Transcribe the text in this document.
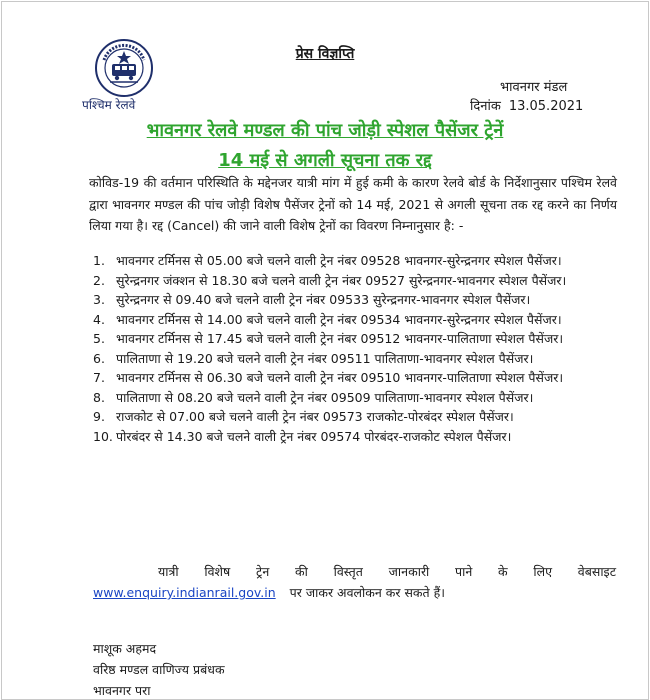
पश्चिम रेलवे
प्रेस विज्ञप्ति
भावनगर मंडल
दिनांक 13.05.2021
भावनगर रेलवे मण्डल की पांच जोड़ी स्पेशल पैसेंजर ट्रेनें
14 मई से अगली सूचना तक रद्द
कोविड-19 की वर्तमान परिस्थिति के मद्देनजर यात्री मांग में हुई कमी के कारण रेलवे बोर्ड के निर्देशानुसार पश्चिम रेलवे द्वारा भावनगर मण्डल की पांच जोड़ी विशेष पैसेंजर ट्रेनों को 14 मई, 2021 से अगली सूचना तक रद्द करने का निर्णय लिया गया है। रद्द (Cancel) की जाने वाली विशेष ट्रेनों का विवरण निम्नानुसार है: -
1. भावनगर टर्मिनस से 05.00 बजे चलने वाली ट्रेन नंबर 09528 भावनगर-सुरेन्द्रनगर स्पेशल पैसेंजर।
2. सुरेन्द्रनगर जंक्शन से 18.30 बजे चलने वाली ट्रेन नंबर 09527 सुरेन्द्रनगर-भावनगर स्पेशल पैसेंजर।
3. सुरेन्द्रनगर से 09.40 बजे चलने वाली ट्रेन नंबर 09533 सुरेन्द्रनगर-भावनगर स्पेशल पैसेंजर।
4. भावनगर टर्मिनस से 14.00 बजे चलने वाली ट्रेन नंबर 09534 भावनगर-सुरेन्द्रनगर स्पेशल पैसेंजर।
5. भावनगर टर्मिनस से 17.45 बजे चलने वाली ट्रेन नंबर 09512 भावनगर-पालिताणा स्पेशल पैसेंजर।
6. पालिताणा से 19.20 बजे चलने वाली ट्रेन नंबर 09511 पालिताणा-भावनगर स्पेशल पैसेंजर।
7. भावनगर टर्मिनस से 06.30 बजे चलने वाली ट्रेन नंबर 09510 भावनगर-पालिताणा स्पेशल पैसेंजर।
8. पालिताणा से 08.20 बजे चलने वाली ट्रेन नंबर 09509 पालिताणा-भावनगर स्पेशल पैसेंजर।
9. राजकोट से 07.00 बजे चलने वाली ट्रेन नंबर 09573 राजकोट-पोरबंदर स्पेशल पैसेंजर।
10. पोरबंदर से 14.30 बजे चलने वाली ट्रेन नंबर 09574 पोरबंदर-राजकोट स्पेशल पैसेंजर।
यात्री विशेष ट्रेन की विस्तृत जानकारी पाने के लिए वेबसाइट
www.enquiry.indianrail.gov.in पर जाकर अवलोकन कर सकते हैं।
माशूक अहमद
वरिष्ठ मण्डल वाणिज्य प्रबंधक
भावनगर परा
